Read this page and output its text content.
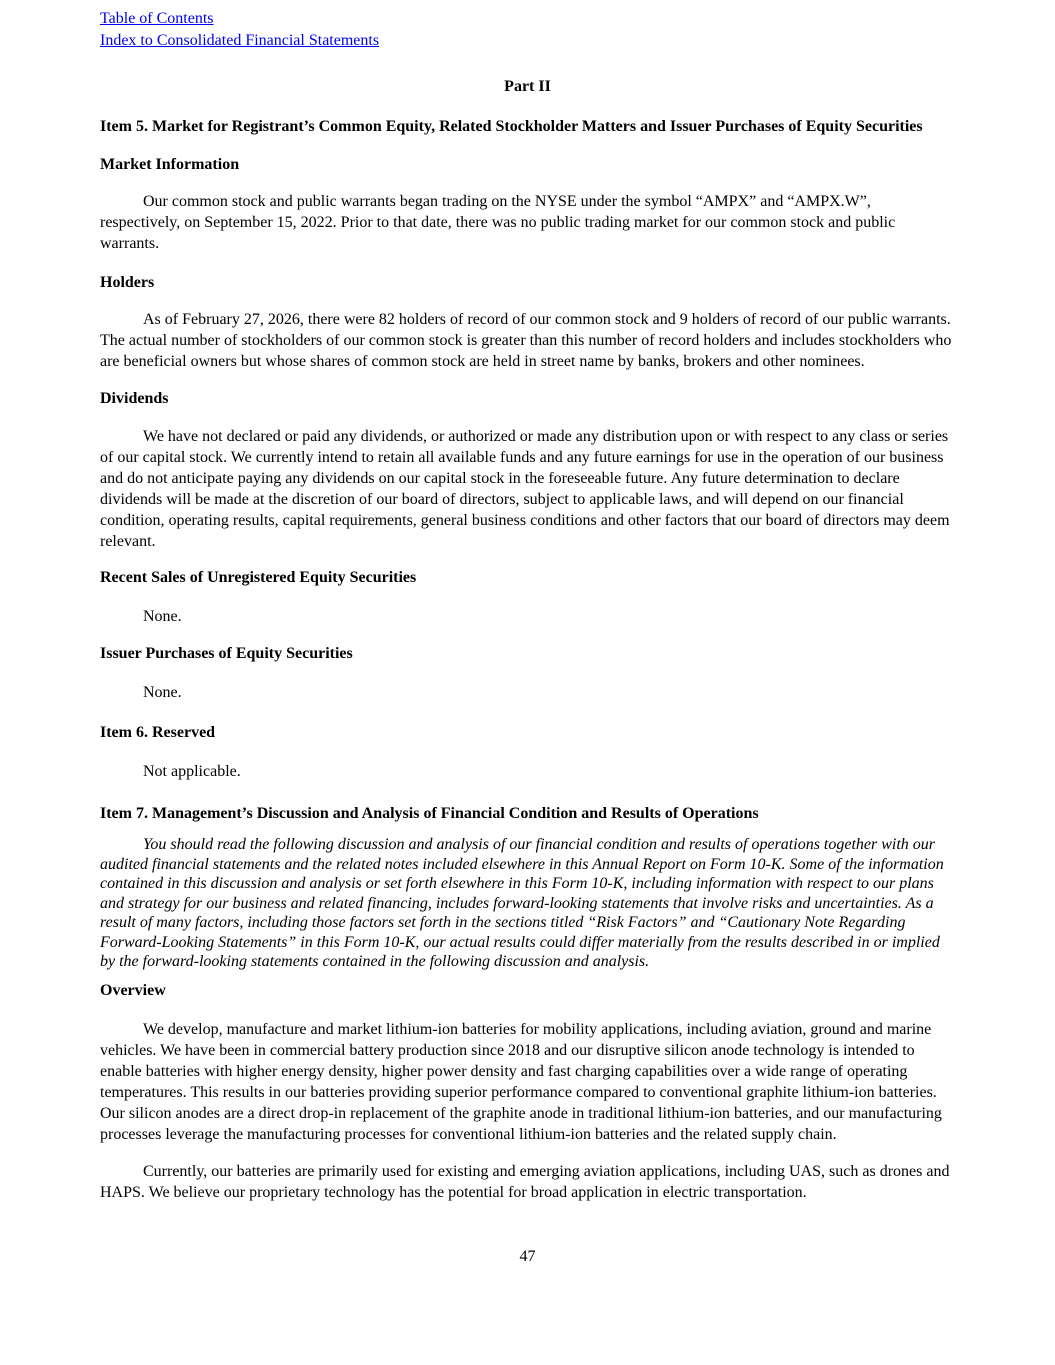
Table of Contents
Index to Consolidated Financial Statements
Part II
Item 5. Market for Registrant’s Common Equity, Related Stockholder Matters and Issuer Purchases of Equity Securities
Market Information
Our common stock and public warrants began trading on the NYSE under the symbol “AMPX” and “AMPX.W”, respectively, on September 15, 2022. Prior to that date, there was no public trading market for our common stock and public warrants.
Holders
As of February 27, 2026, there were 82 holders of record of our common stock and 9 holders of record of our public warrants. The actual number of stockholders of our common stock is greater than this number of record holders and includes stockholders who are beneficial owners but whose shares of common stock are held in street name by banks, brokers and other nominees.
Dividends
We have not declared or paid any dividends, or authorized or made any distribution upon or with respect to any class or series of our capital stock. We currently intend to retain all available funds and any future earnings for use in the operation of our business and do not anticipate paying any dividends on our capital stock in the foreseeable future. Any future determination to declare dividends will be made at the discretion of our board of directors, subject to applicable laws, and will depend on our financial condition, operating results, capital requirements, general business conditions and other factors that our board of directors may deem relevant.
Recent Sales of Unregistered Equity Securities
None.
Issuer Purchases of Equity Securities
None.
Item 6. Reserved
Not applicable.
Item 7. Management’s Discussion and Analysis of Financial Condition and Results of Operations
You should read the following discussion and analysis of our financial condition and results of operations together with our audited financial statements and the related notes included elsewhere in this Annual Report on Form 10-K. Some of the information contained in this discussion and analysis or set forth elsewhere in this Form 10-K, including information with respect to our plans and strategy for our business and related financing, includes forward-looking statements that involve risks and uncertainties. As a result of many factors, including those factors set forth in the sections titled “Risk Factors” and “Cautionary Note Regarding Forward-Looking Statements” in this Form 10-K, our actual results could differ materially from the results described in or implied by the forward-looking statements contained in the following discussion and analysis.
Overview
We develop, manufacture and market lithium-ion batteries for mobility applications, including aviation, ground and marine vehicles. We have been in commercial battery production since 2018 and our disruptive silicon anode technology is intended to enable batteries with higher energy density, higher power density and fast charging capabilities over a wide range of operating temperatures. This results in our batteries providing superior performance compared to conventional graphite lithium-ion batteries. Our silicon anodes are a direct drop-in replacement of the graphite anode in traditional lithium-ion batteries, and our manufacturing processes leverage the manufacturing processes for conventional lithium-ion batteries and the related supply chain.
Currently, our batteries are primarily used for existing and emerging aviation applications, including UAS, such as drones and HAPS. We believe our proprietary technology has the potential for broad application in electric transportation.
47
